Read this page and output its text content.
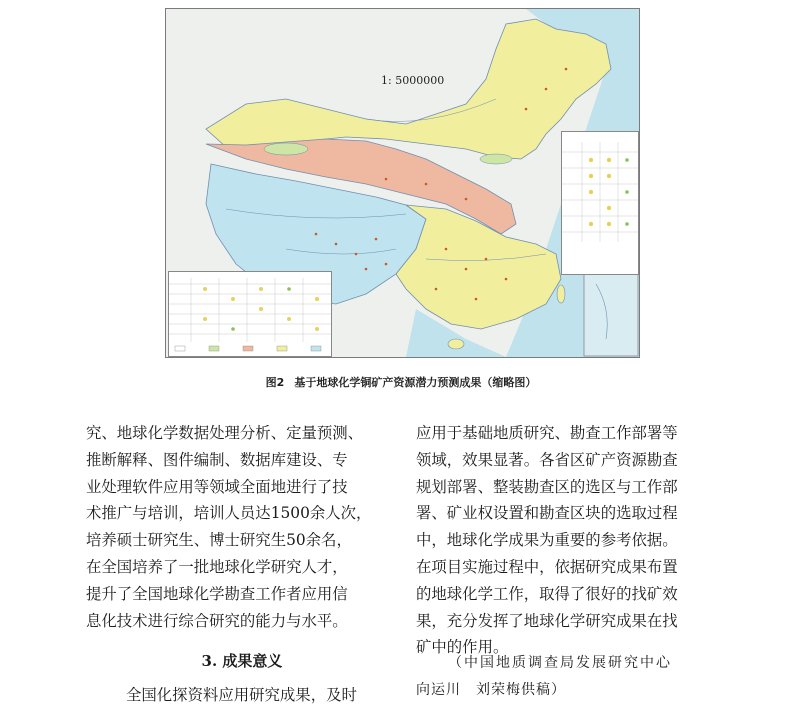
1: 5000000
图2 基于地球化学铜矿产资源潜力预测成果（缩略图）
究、地球化学数据处理分析、定量预测、
推断解释、图件编制、数据库建设、专
业处理软件应用等领域全面地进行了技
术推广与培训，培训人员达1500余人次，
培养硕士研究生、博士研究生50余名，
在全国培养了一批地球化学研究人才，
提升了全国地球化学勘查工作者应用信
息化技术进行综合研究的能力与水平。
3. 成果意义
全国化探资料应用研究成果，及时
应用于基础地质研究、勘查工作部署等
领域，效果显著。各省区矿产资源勘查
规划部署、整装勘查区的选区与工作部
署、矿业权设置和勘查区块的选取过程
中，地球化学成果为重要的参考依据。
在项目实施过程中，依据研究成果布置
的地球化学工作，取得了很好的找矿效
果，充分发挥了地球化学研究成果在找
矿中的作用。
（中国地质调查局发展研究中心
向运川　刘荣梅供稿）
